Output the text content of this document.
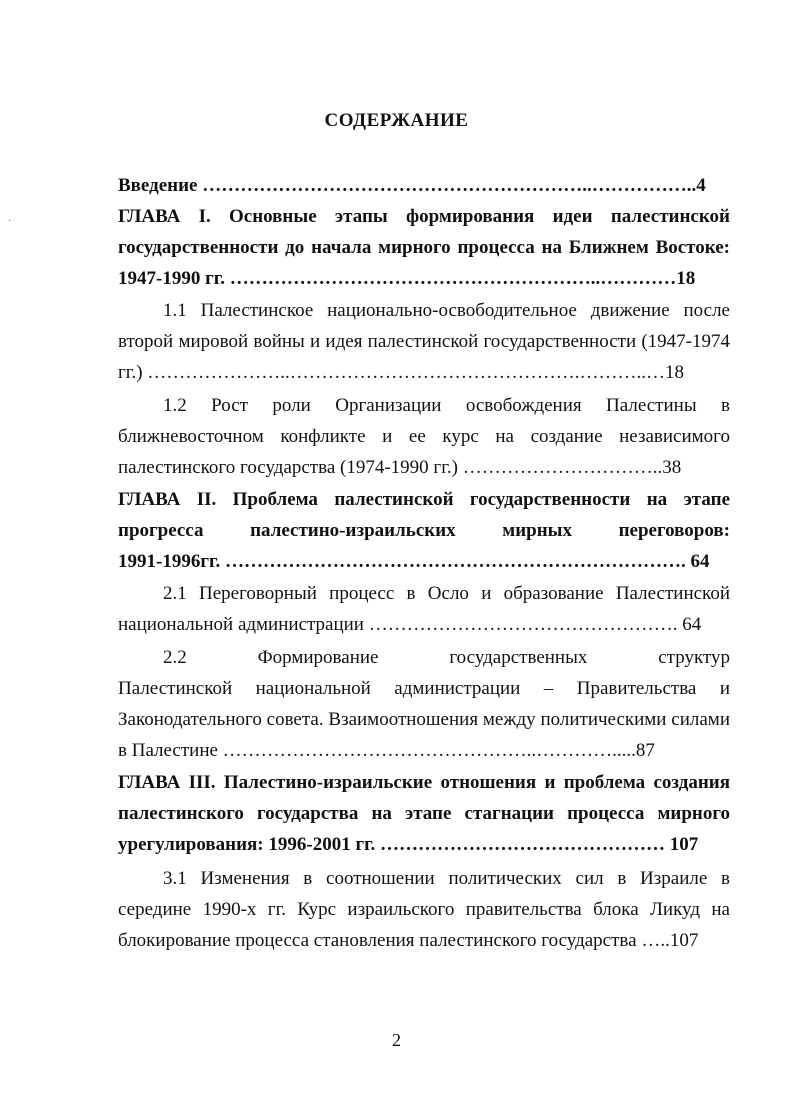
·
СОДЕРЖАНИЕ
Введение ……………………………………………………..……………..4
ГЛАВА I. Основные этапы формирования идеи палестинской
государственности до начала мирного процесса на Ближнем Востоке:
1947-1990 гг. …………………………………………………..…………18
1.1 Палестинское национально-освободительное движение после
второй мировой войны и идея палестинской государственности (1947-1974
гг.) …………………..……………………………………….………..…18
1.2 Рост роли Организации освобождения Палестины в
ближневосточном конфликте и ее курс на создание независимого
палестинского государства (1974-1990 гг.) …………………………..38
ГЛАВА II. Проблема палестинской государственности на этапе
прогресса палестино-израильских мирных переговоров:
1991-1996гг. ………………………………………………………………. 64
2.1 Переговорный процесс в Осло и образование Палестинской
национальной администрации …………………………………………. 64
2.2 Формирование государственных структур
Палестинской национальной администрации – Правительства и
Законодательного совета. Взаимоотношения между политическими силами
в Палестине …………………………………………..………….....87
ГЛАВА III. Палестино-израильские отношения и проблема создания
палестинского государства на этапе стагнации процесса мирного
урегулирования: 1996-2001 гг. ……………………………………… 107
3.1 Изменения в соотношении политических сил в Израиле в
середине 1990-х гг. Курс израильского правительства блока Ликуд на
блокирование процесса становления палестинского государства …..107
2
